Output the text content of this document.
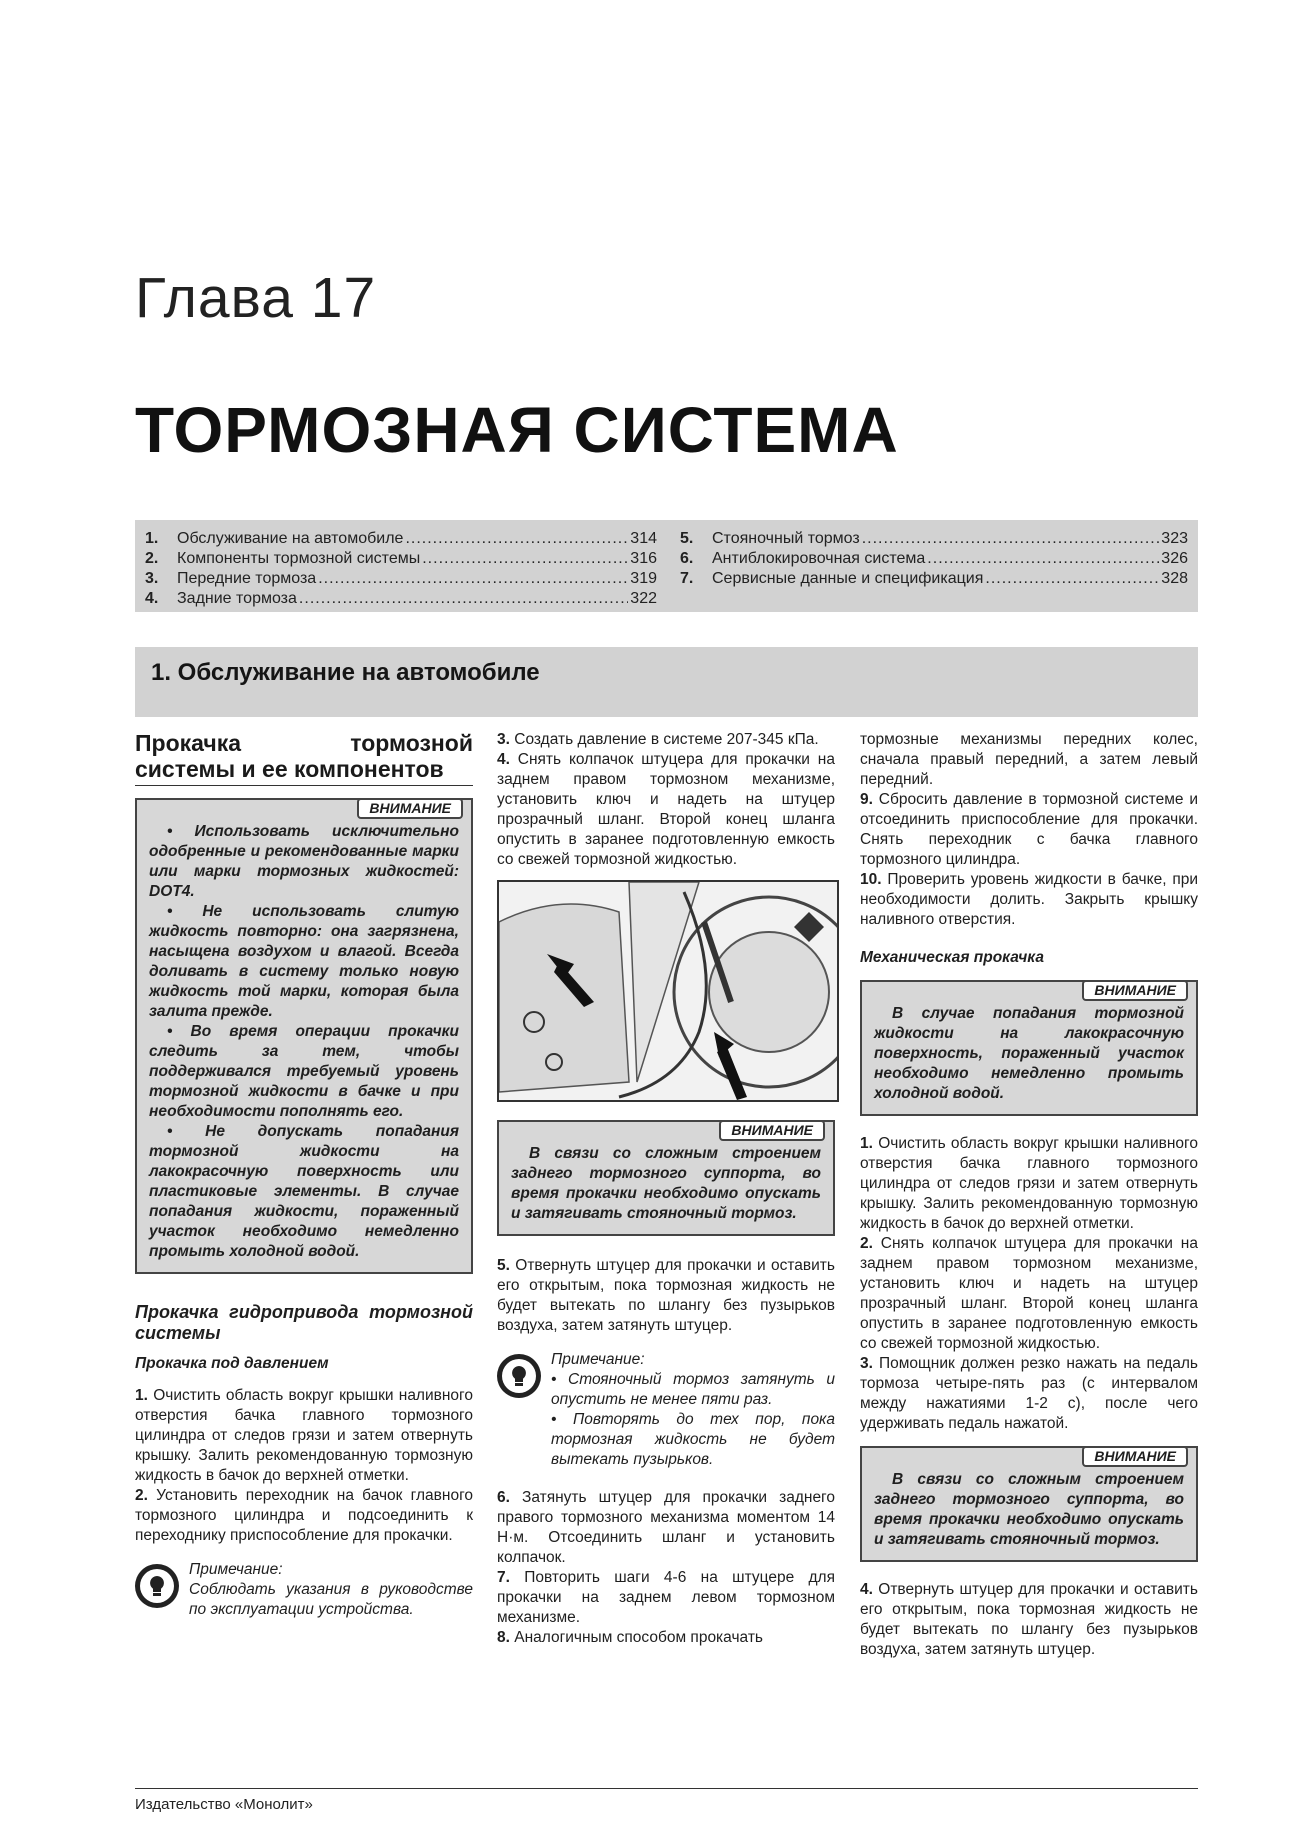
Глава 17
ТОРМОЗНАЯ СИСТЕМА
1.	Обслуживание на автомобиле .....	314
2.	Компоненты тормозной системы .....	316
3.	Передние тормоза .....	319
4.	Задние тормоза .....	322
5.	Стояночный тормоз .....	323
6.	Антиблокировочная система .....	326
7.	Сервисные данные и спецификация .....	328
1. Обслуживание на автомобиле
Прокачка тормозной системы и ее компонентов
ВНИМАНИЕ

• Использовать исключительно одобренные и рекомендованные марки или марки тормозных жидкостей: DOT4.

• Не использовать слитую жидкость повторно: она загрязнена, насыщена воздухом и влагой. Всегда доливать в систему только новую жидкость той марки, которая была залита прежде.

• Во время операции прокачки следить за тем, чтобы поддерживался требуемый уровень тормозной жидкости в бачке и при необходимости пополнять его.

• Не допускать попадания тормозной жидкости на лакокрасочную поверхность или пластиковые элементы. В случае попадания жидкости, пораженный участок необходимо немедленно промыть холодной водой.

Прокачка гидропривода тормозной системы
Прокачка под давлением

1. Очистить область вокруг крышки наливного отверстия бачка главного тормозного цилиндра от следов грязи и затем отвернуть крышку. Залить рекомендованную тормозную жидкость в бачок до верхней отметки.

2. Установить переходник на бачок главного тормозного цилиндра и подсоединить к переходнику приспособление для прокачки.

Примечание:

Соблюдать указания в руководстве по эксплуатации устройства.

3. Создать давление в системе 207-345 кПа.

4. Снять колпачок штуцера для прокачки на заднем правом тормозном механизме, установить ключ и надеть на штуцер прозрачный шланг. Второй конец шланга опустить в заранее подготовленную емкость со свежей тормозной жидкостью.

ВНИМАНИЕ

В связи со сложным строением заднего тормозного суппорта, во время прокачки необходимо опускать и затягивать стояночный тормоз.

5. Отвернуть штуцер для прокачки и оставить его открытым, пока тормозная жидкость не будет вытекать по шлангу без пузырьков воздуха, затем затянуть штуцер.

Примечание:

• Стояночный тормоз затянуть и опустить не менее пяти раз.

• Повторять до тех пор, пока тормозная жидкость не будет вытекать пузырьков.

6. Затянуть штуцер для прокачки заднего правого тормозного механизма моментом 14 Н·м. Отсоединить шланг и установить колпачок.

7. Повторить шаги 4-6 на штуцере для прокачки на заднем левом тормозном механизме.

8. Аналогичным способом прокачать

тормозные механизмы передних колес, сначала правый передний, а затем левый передний.

9. Сбросить давление в тормозной системе и отсоединить приспособление для прокачки. Снять переходник с бачка главного тормозного цилиндра.

10. Проверить уровень жидкости в бачке, при необходимости долить. Закрыть крышку наливного отверстия.

Механическая прокачка
ВНИМАНИЕ

В случае попадания тормозной жидкости на лакокрасочную поверхность, пораженный участок необходимо немедленно промыть холодной водой.

1. Очистить область вокруг крышки наливного отверстия бачка главного тормозного цилиндра от следов грязи и затем отвернуть крышку. Залить рекомендованную тормозную жидкость в бачок до верхней отметки.

2. Снять колпачок штуцера для прокачки на заднем правом тормозном механизме, установить ключ и надеть на штуцер прозрачный шланг. Второй конец шланга опустить в заранее подготовленную емкость со свежей тормозной жидкостью.

3. Помощник должен резко нажать на педаль тормоза четыре-пять раз (с интервалом между нажатиями 1-2 с), после чего удерживать педаль нажатой.

ВНИМАНИЕ

В связи со сложным строением заднего тормозного суппорта, во время прокачки необходимо опускать и затягивать стояночный тормоз.

4. Отвернуть штуцер для прокачки и оставить его открытым, пока тормозная жидкость не будет вытекать по шлангу без пузырьков воздуха, затем затянуть штуцер.

Издательство «Монолит»
